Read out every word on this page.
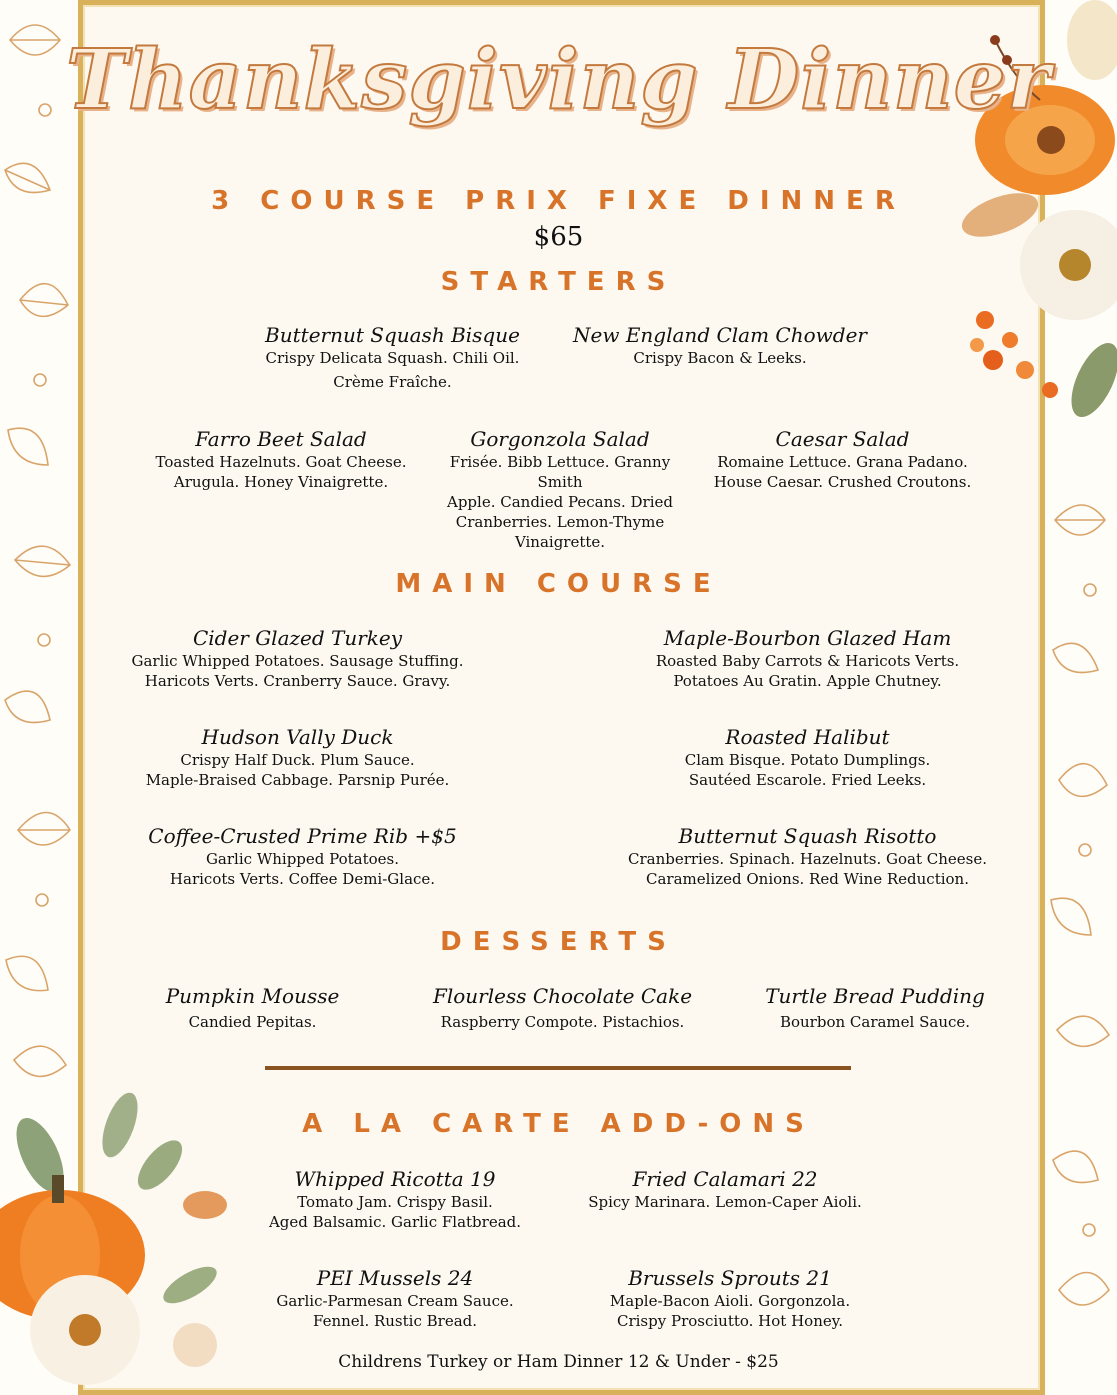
Thanksgiving Dinner
3 COURSE PRIX FIXE DINNER
$65
STARTERS
Butternut Squash Bisque
Crispy Delicata Squash. Chili Oil.
Crème Fraîche.
New England Clam Chowder
Crispy Bacon & Leeks.
Farro Beet Salad
Toasted Hazelnuts. Goat Cheese.
Arugula. Honey Vinaigrette.
Gorgonzola Salad
Frisée. Bibb Lettuce. Granny Smith
Apple. Candied Pecans. Dried
Cranberries. Lemon-Thyme
Vinaigrette.
Caesar Salad
Romaine Lettuce. Grana Padano.
House Caesar. Crushed Croutons.
MAIN COURSE
Cider Glazed Turkey
Garlic Whipped Potatoes. Sausage Stuffing.
Haricots Verts. Cranberry Sauce. Gravy.
Maple-Bourbon Glazed Ham
Roasted Baby Carrots & Haricots Verts.
Potatoes Au Gratin. Apple Chutney.
Hudson Vally Duck
Crispy Half Duck. Plum Sauce.
Maple-Braised Cabbage. Parsnip Purée.
Roasted Halibut
Clam Bisque. Potato Dumplings.
Sautéed Escarole. Fried Leeks.
Coffee-Crusted Prime Rib +$5
Garlic Whipped Potatoes.
Haricots Verts. Coffee Demi-Glace.
Butternut Squash Risotto
Cranberries. Spinach. Hazelnuts. Goat Cheese.
Caramelized Onions. Red Wine Reduction.
DESSERTS
Pumpkin Mousse
Candied Pepitas.
Flourless Chocolate Cake
Raspberry Compote. Pistachios.
Turtle Bread Pudding
Bourbon Caramel Sauce.
A LA CARTE ADD-ONS
Whipped Ricotta 19
Tomato Jam. Crispy Basil.
Aged Balsamic. Garlic Flatbread.
Fried Calamari 22
Spicy Marinara. Lemon-Caper Aioli.
PEI Mussels 24
Garlic-Parmesan Cream Sauce.
Fennel. Rustic Bread.
Brussels Sprouts 21
Maple-Bacon Aioli. Gorgonzola.
Crispy Prosciutto. Hot Honey.
Childrens Turkey or Ham Dinner 12 & Under - $25
